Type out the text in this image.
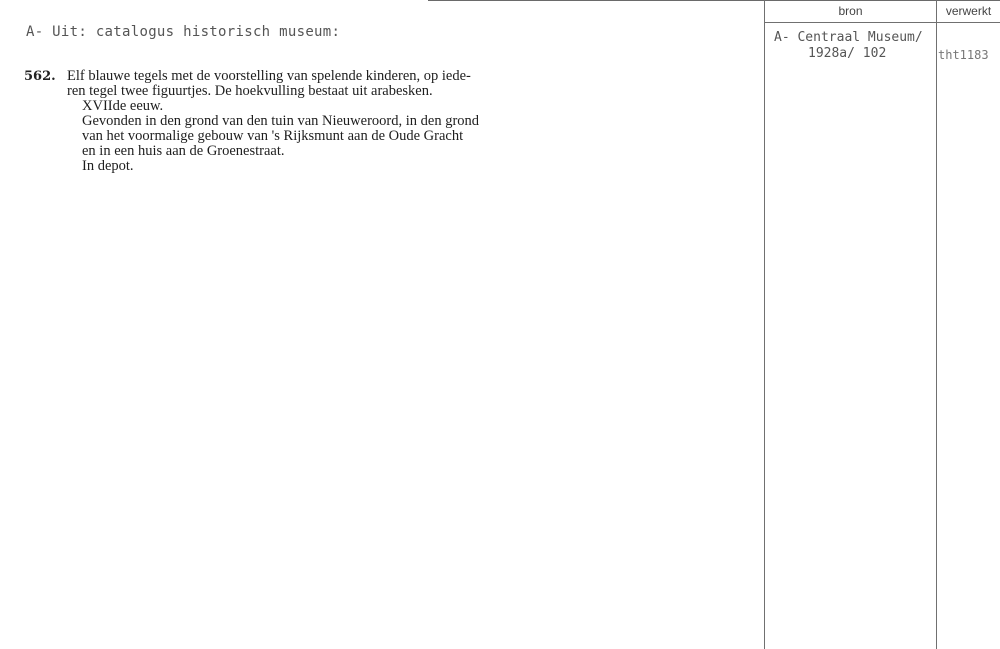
bron	verwerkt
A- Uit: catalogus historisch museum:
562. Elf blauwe tegels met de voorstelling van spelende kinderen, op iede-
ren tegel twee figuurtjes. De hoekvulling bestaat uit arabesken.
XVIIde eeuw.
Gevonden in den grond van den tuin van Nieuweroord, in den grond
van het voormalige gebouw van 's Rijksmunt aan de Oude Gracht
en in een huis aan de Groenestraat.
In depot.
A- Centraal Museum/
1928a/ 102	tht1183
